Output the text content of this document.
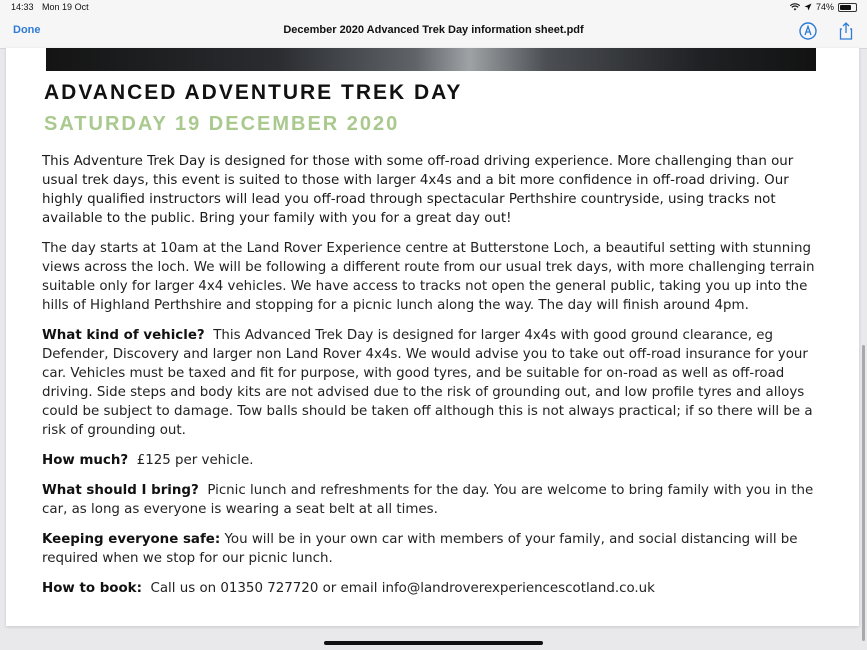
14:33 Mon 19 Oct	74%
Done	December 2020 Advanced Trek Day information sheet.pdf
ADVANCED ADVENTURE TREK DAY
SATURDAY 19 DECEMBER 2020

This Adventure Trek Day is designed for those with some off-road driving experience. More challenging than our usual trek days, this event is suited to those with larger 4x4s and a bit more confidence in off-road driving. Our highly qualified instructors will lead you off-road through spectacular Perthshire countryside, using tracks not available to the public. Bring your family with you for a great day out!

The day starts at 10am at the Land Rover Experience centre at Butterstone Loch, a beautiful setting with stunning views across the loch. We will be following a different route from our usual trek days, with more challenging terrain suitable only for larger 4x4 vehicles. We have access to tracks not open the general public, taking you up into the hills of Highland Perthshire and stopping for a picnic lunch along the way. The day will finish around 4pm.

What kind of vehicle? This Advanced Trek Day is designed for larger 4x4s with good ground clearance, eg Defender, Discovery and larger non Land Rover 4x4s. We would advise you to take out off-road insurance for your car. Vehicles must be taxed and fit for purpose, with good tyres, and be suitable for on-road as well as off-road driving. Side steps and body kits are not advised due to the risk of grounding out, and low profile tyres and alloys could be subject to damage. Tow balls should be taken off although this is not always practical; if so there will be a risk of grounding out.

How much? £125 per vehicle.

What should I bring? Picnic lunch and refreshments for the day. You are welcome to bring family with you in the car, as long as everyone is wearing a seat belt at all times.

Keeping everyone safe: You will be in your own car with members of your family, and social distancing will be required when we stop for our picnic lunch.

How to book: Call us on 01350 727720 or email info@landroverexperiencescotland.co.uk
